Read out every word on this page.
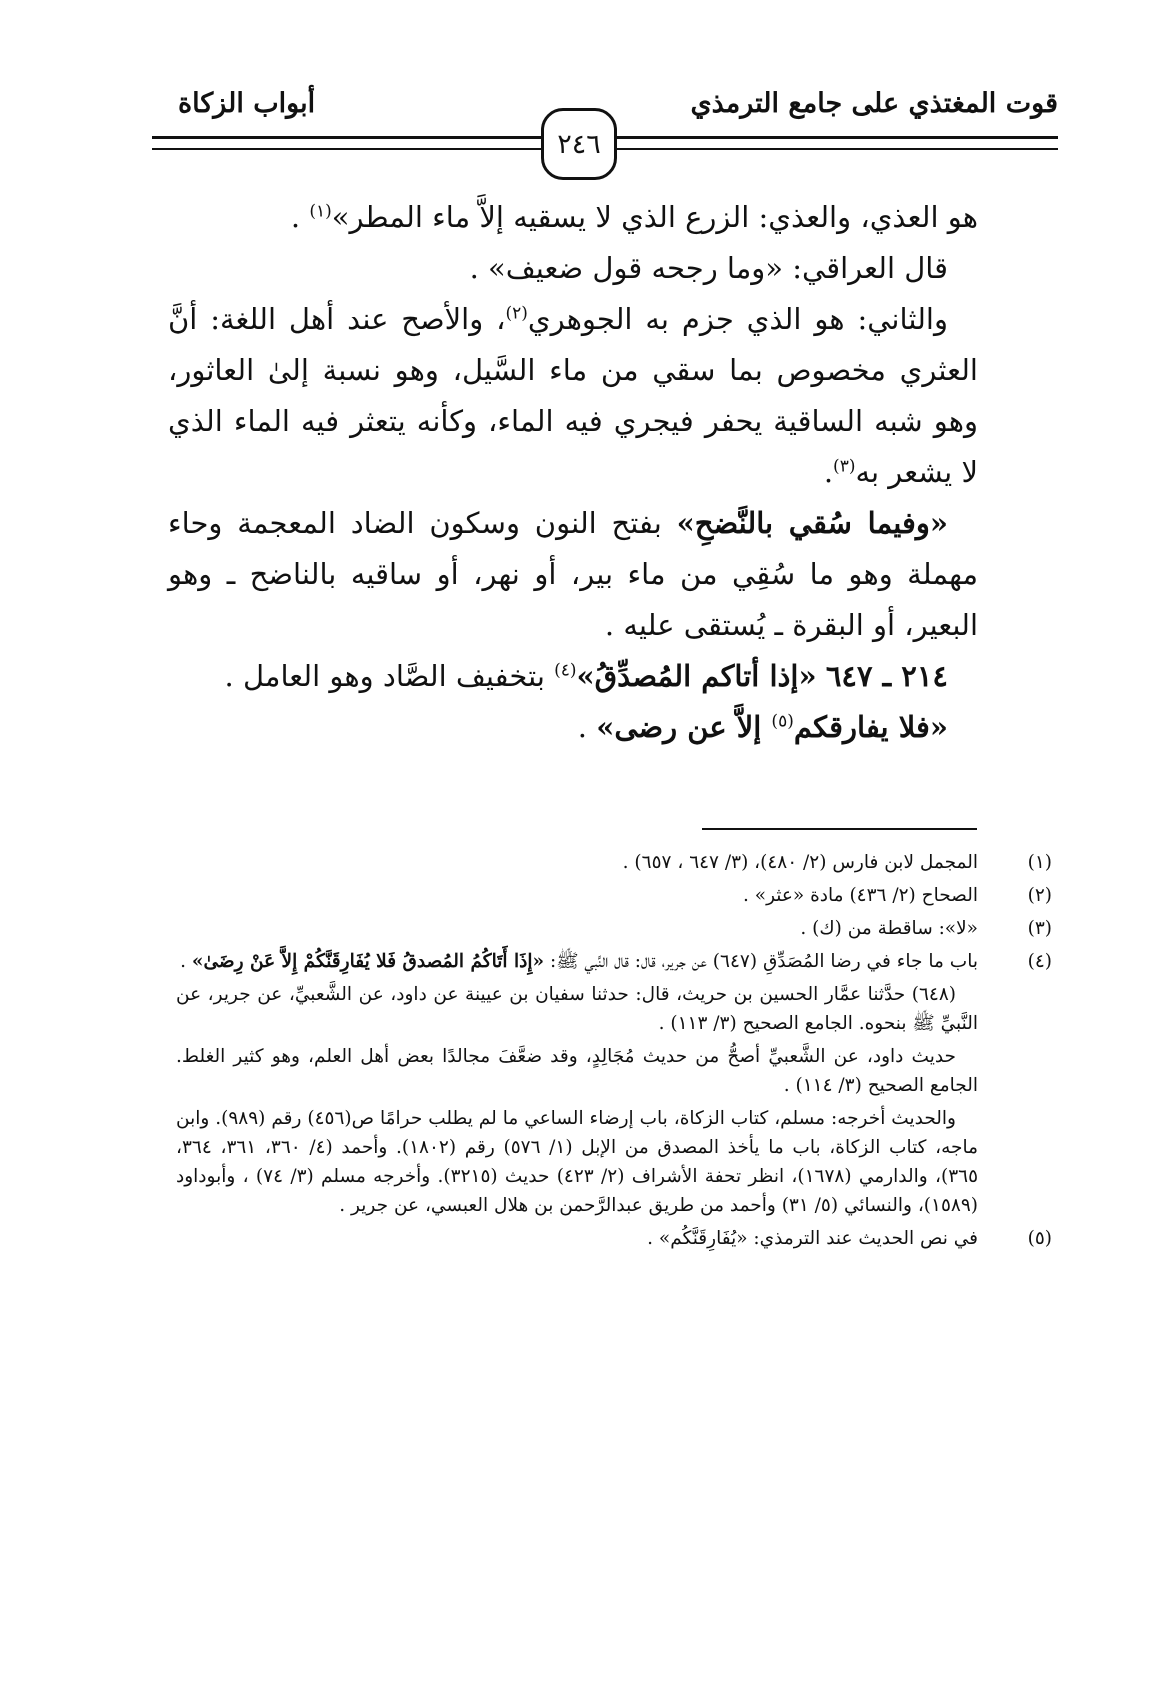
قوت المغتذي على جامع الترمذي
أبواب الزكاة
٢٤٦

هو العذي، والعذي: الزرع الذي لا يسقيه إلاَّ ماء المطر»$^{(١)}$ .

قال العراقي: «وما رجحه قول ضعيف» .

والثاني: هو الذي جزم به الجوهري$^{(٢)}$، والأصح عند أهل اللغة: أنَّ العثري مخصوص بما سقي من ماء السَّيل، وهو نسبة إلىٰ العاثور، وهو شبه الساقية يحفر فيجري فيه الماء، وكأنه يتعثر فيه الماء الذي لا يشعر به$^{(٣)}$.

«وفيما سُقي بالنَّضحِ» بفتح النون وسكون الضاد المعجمة وحاء مهملة وهو ما سُقِي من ماء بير، أو نهر، أو ساقيه بالناضح ـ وهو البعير، أو البقرة ـ يُستقى عليه .

٢١٤ ـ ٦٤٧ «إذا أتاكم المُصدِّقُ»$^{(٤)}$ بتخفيف الصَّاد وهو العامل .

«فلا يفارقكم$^{(٥)}$ إلاَّ عن رضى» .

(١)
المجمل لابن فارس (٢/ ٤٨٠)، (٣/ ٦٤٧ ، ٦٥٧) .
(٢)
الصحاح (٢/ ٤٣٦) مادة «عثر» .
(٣)
«لا»: ساقطة من (ك) .
(٤)
باب ما جاء في رضا المُصَدِّقِ (٦٤٧) عن جرير، قال: قال النَّبي ﷺ: «إِذَا أَتَاكُمُ المُصدقُ فَلا يُفَارِقَنَّكُمْ إِلاَّ عَنْ رِضَىٰ» .

(٦٤٨) حدَّثنا عمَّار الحسين بن حريث، قال: حدثنا سفيان بن عيينة عن داود، عن الشَّعبيِّ، عن جرير، عن النَّبيِّ ﷺ بنحوه. الجامع الصحيح (٣/ ١١٣) .

حديث داود، عن الشَّعبيِّ أصحُّ من حديث مُجَالِدٍ، وقد ضعَّفَ مجالدًا بعض أهل العلم، وهو كثير الغلط. الجامع الصحيح (٣/ ١١٤) .

والحديث أخرجه: مسلم، كتاب الزكاة، باب إرضاء الساعي ما لم يطلب حرامًا ص(٤٥٦) رقم (٩٨٩). وابن ماجه، كتاب الزكاة، باب ما يأخذ المصدق من الإبل (١/ ٥٧٦) رقم (١٨٠٢). وأحمد (٤/ ٣٦٠، ٣٦١، ٣٦٤، ٣٦٥)، والدارمي (١٦٧٨)، انظر تحفة الأشراف (٢/ ٤٢٣) حديث (٣٢١٥). وأخرجه مسلم (٣/ ٧٤) ، وأبوداود (١٥٨٩)، والنسائي (٥/ ٣١) وأحمد من طريق عبدالرَّحمن بن هلال العبسي، عن جرير .

(٥)
في نص الحديث عند الترمذي: «يُفَارِقَنَّكُم» .
